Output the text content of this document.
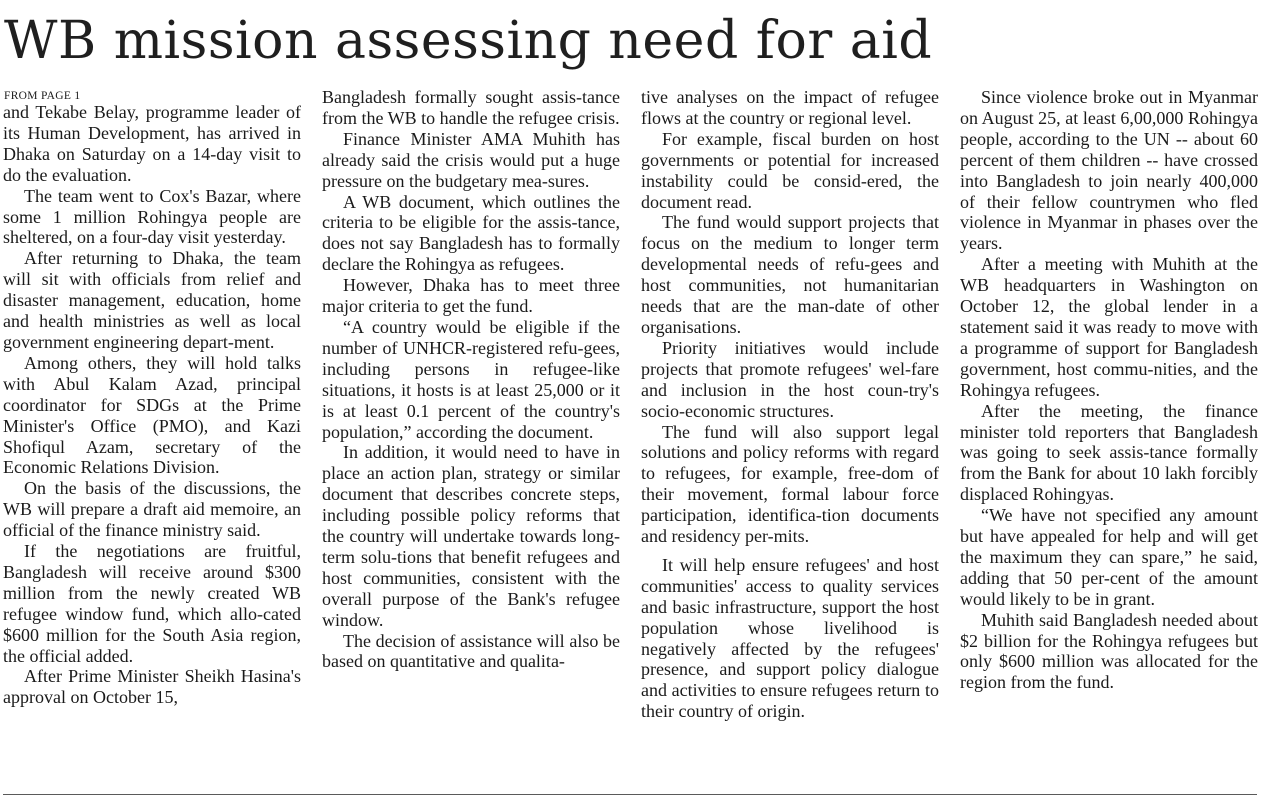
WB mission assessing need for aid
FROM PAGE 1

and Tekabe Belay, programme leader of its Human Development, has arrived in Dhaka on Saturday on a 14-day visit to do the evaluation.

The team went to Cox's Bazar, where some 1 million Rohingya people are sheltered, on a four-day visit yesterday.

After returning to Dhaka, the team will sit with officials from relief and disaster management, education, home and health ministries as well as local government engineering depart-ment.

Among others, they will hold talks with Abul Kalam Azad, principal coordinator for SDGs at the Prime Minister's Office (PMO), and Kazi Shofiqul Azam, secretary of the Economic Relations Division.

On the basis of the discussions, the WB will prepare a draft aid memoire, an official of the finance ministry said.

If the negotiations are fruitful, Bangladesh will receive around $300 million from the newly created WB refugee window fund, which allo-cated $600 million for the South Asia region, the official added.

After Prime Minister Sheikh Hasina's approval on October 15,

Bangladesh formally sought assis-tance from the WB to handle the refugee crisis.

Finance Minister AMA Muhith has already said the crisis would put a huge pressure on the budgetary mea-sures.

A WB document, which outlines the criteria to be eligible for the assis-tance, does not say Bangladesh has to formally declare the Rohingya as refugees.

However, Dhaka has to meet three major criteria to get the fund.

“A country would be eligible if the number of UNHCR-registered refu-gees, including persons in refugee-like situations, it hosts is at least 25,000 or it is at least 0.1 percent of the country's population,” according the document.

In addition, it would need to have in place an action plan, strategy or similar document that describes concrete steps, including possible policy reforms that the country will undertake towards long-term solu-tions that benefit refugees and host communities, consistent with the overall purpose of the Bank's refugee window.

The decision of assistance will also be based on quantitative and qualita-

tive analyses on the impact of refugee flows at the country or regional level.

For example, fiscal burden on host governments or potential for increased instability could be consid-ered, the document read.

The fund would support projects that focus on the medium to longer term developmental needs of refu-gees and host communities, not humanitarian needs that are the man-date of other organisations.

Priority initiatives would include projects that promote refugees' wel-fare and inclusion in the host coun-try's socio-economic structures.

The fund will also support legal solutions and policy reforms with regard to refugees, for example, free-dom of their movement, formal labour force participation, identifica-tion documents and residency per-mits.

It will help ensure refugees' and host communities' access to quality services and basic infrastructure, support the host population whose livelihood is negatively affected by the refugees' presence, and support policy dialogue and activities to ensure refugees return to their country of origin.

Since violence broke out in Myanmar on August 25, at least 6,00,000 Rohingya people, according to the UN -- about 60 percent of them children -- have crossed into Bangladesh to join nearly 400,000 of their fellow countrymen who fled violence in Myanmar in phases over the years.

After a meeting with Muhith at the WB headquarters in Washington on October 12, the global lender in a statement said it was ready to move with a programme of support for Bangladesh government, host commu-nities, and the Rohingya refugees.

After the meeting, the finance minister told reporters that Bangladesh was going to seek assis-tance formally from the Bank for about 10 lakh forcibly displaced Rohingyas.

“We have not specified any amount but have appealed for help and will get the maximum they can spare,” he said, adding that 50 per-cent of the amount would likely to be in grant.

Muhith said Bangladesh needed about $2 billion for the Rohingya refugees but only $600 million was allocated for the region from the fund.
